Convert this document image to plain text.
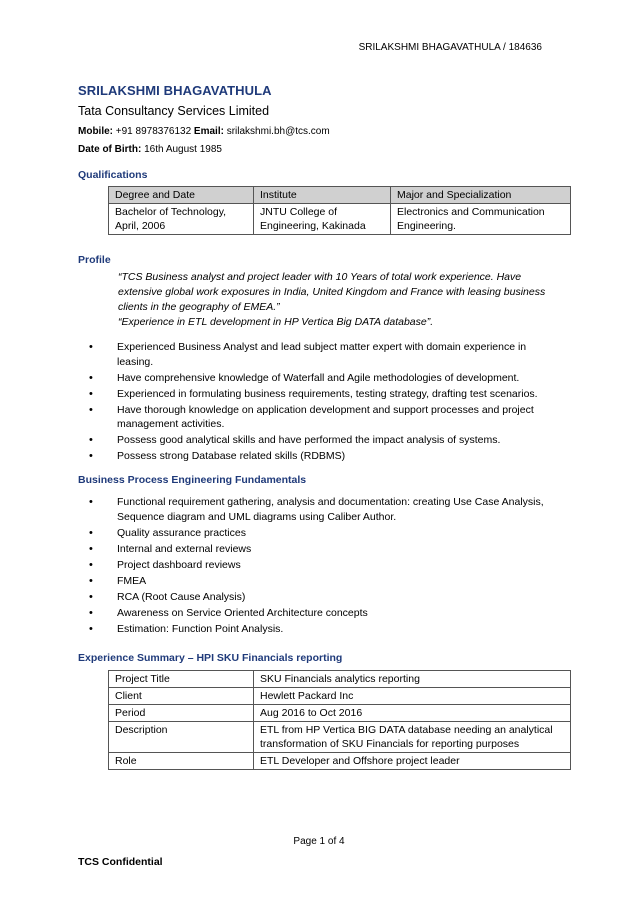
SRILAKSHMI BHAGAVATHULA / 184636
SRILAKSHMI BHAGAVATHULA
Tata Consultancy Services Limited
Mobile: +91 8978376132 Email: srilakshmi.bh@tcs.com
Date of Birth: 16th August 1985
Qualifications
Degree and Date	Institute	Major and Specialization
Bachelor of Technology, April, 2006	JNTU College of Engineering, Kakinada	Electronics and Communication Engineering.
Profile
“TCS Business analyst and project leader with 10 Years of total work experience. Have extensive global work exposures in India, United Kingdom and France with leasing business clients in the geography of EMEA.”
“Experience in ETL development in HP Vertica Big DATA database”.
• Experienced Business Analyst and lead subject matter expert with domain experience in leasing.
• Have comprehensive knowledge of Waterfall and Agile methodologies of development.
• Experienced in formulating business requirements, testing strategy, drafting test scenarios.
• Have thorough knowledge on application development and support processes and project management activities.
• Possess good analytical skills and have performed the impact analysis of systems.
• Possess strong Database related skills (RDBMS)
Business Process Engineering Fundamentals
• Functional requirement gathering, analysis and documentation: creating Use Case Analysis, Sequence diagram and UML diagrams using Caliber Author.
• Quality assurance practices
• Internal and external reviews
• Project dashboard reviews
• FMEA
• RCA (Root Cause Analysis)
• Awareness on Service Oriented Architecture concepts
• Estimation: Function Point Analysis.
Experience Summary – HPI SKU Financials reporting
Project Title	SKU Financials analytics reporting
Client	Hewlett Packard Inc
Period	Aug 2016 to Oct 2016
Description	ETL from HP Vertica BIG DATA database needing an analytical transformation of SKU Financials for reporting purposes
Role	ETL Developer and Offshore project leader
Page 1 of 4
TCS Confidential
